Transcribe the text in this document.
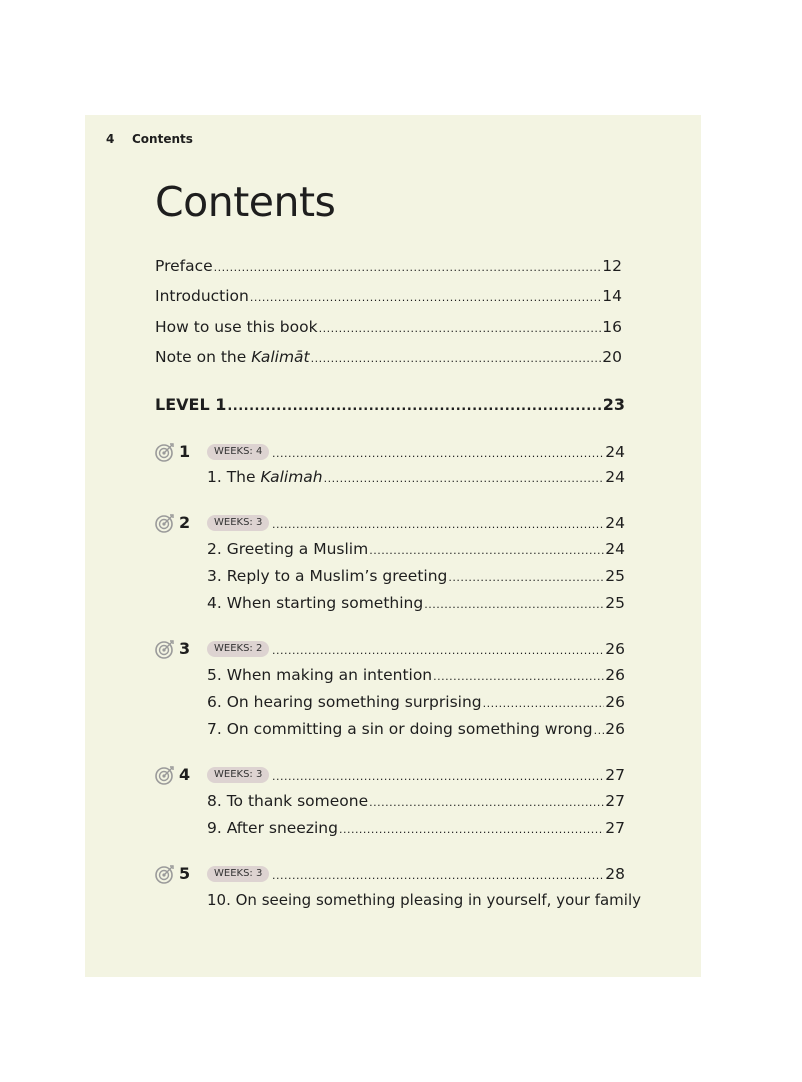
4 Contents
Contents
Preface .....	12
Introduction .....	14
How to use this book .....	16
Note on the Kalimāt .....	20
LEVEL 1 .....	23
1	WEEKS: 4 .....	24
1. The Kalimah .....	24
2	WEEKS: 3 .....	24
2. Greeting a Muslim .....	24
3. Reply to a Muslim’s greeting .....	25
4. When starting something .....	25
3	WEEKS: 2 .....	26
5. When making an intention .....	26
6. On hearing something surprising .....	26
7. On committing a sin or doing something wrong ..... 26
4	WEEKS: 3 .....	27
8. To thank someone .....	27
9. After sneezing .....	27
5	WEEKS: 3 .....	28
10. On seeing something pleasing in yourself, your family
